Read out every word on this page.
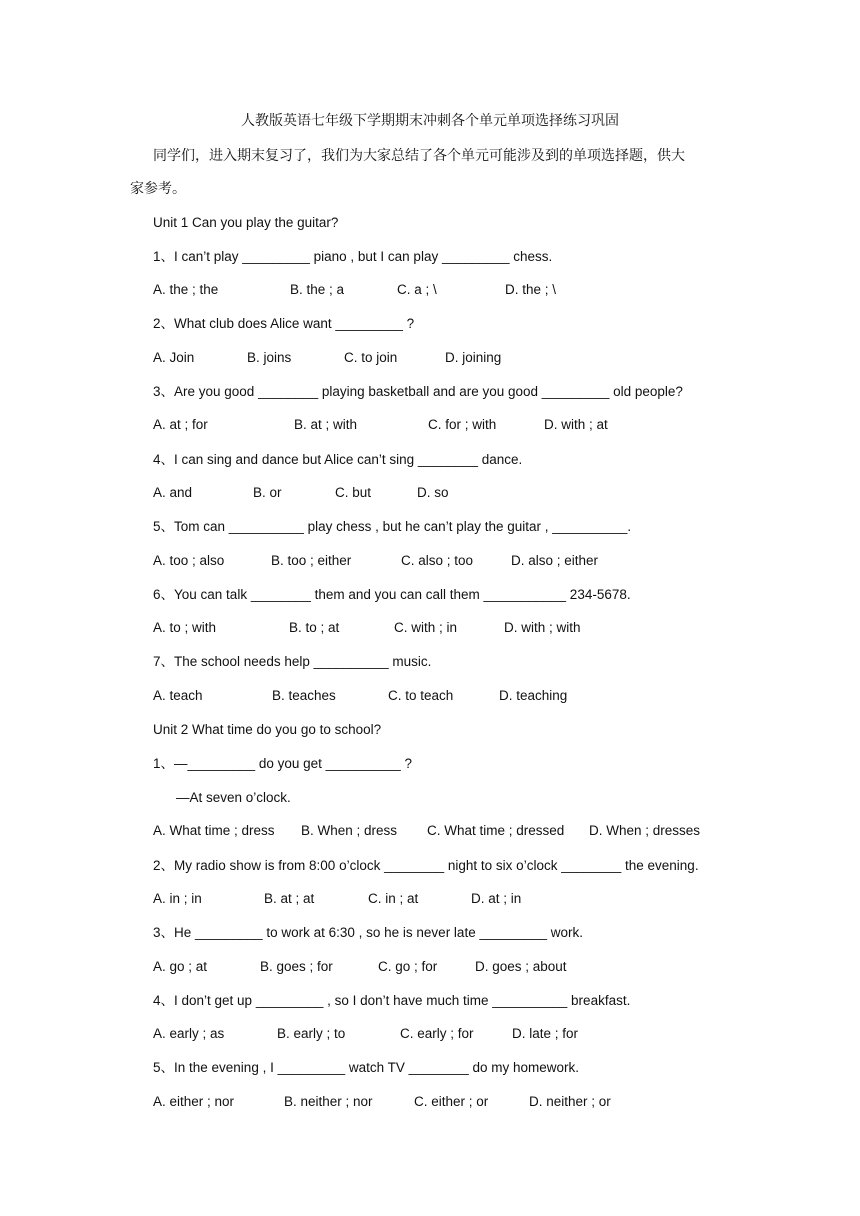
人教版英语七年级下学期期末冲刺各个单元单项选择练习巩固
同学们，进入期末复习了，我们为大家总结了各个单元可能涉及到的单项选择题，供大
家参考。
Unit 1 Can you play the guitar?
1、I can’t play _________ piano , but I can play _________ chess.
A. the ; the	B. the ; a	C. a ; \	D. the ; \
2、What club does Alice want _________ ?
A. Join	B. joins	C. to join	D. joining
3、Are you good ________ playing basketball and are you good _________ old people?
A. at ; for	B. at ; with	C. for ; with	D. with ; at
4、I can sing and dance but Alice can’t sing ________ dance.
A. and	B. or	C. but	D. so
5、Tom can __________ play chess , but he can’t play the guitar , __________.
A. too ; also	B. too ; either	C. also ; too	D. also ; either
6、You can talk ________ them and you can call them ___________ 234-5678.
A. to ; with	B. to ; at	C. with ; in	D. with ; with
7、The school needs help __________ music.
A. teach	B. teaches	C. to teach	D. teaching
Unit 2 What time do you go to school?
1、—_________ do you get __________ ?
—At seven o’clock.
A. What time ; dress B. When ; dress C. What time ; dressed D. When ; dresses
2、My radio show is from 8:00 o’clock ________ night to six o’clock ________ the evening.
A. in ; in	B. at ; at	C. in ; at	D. at ; in
3、He _________ to work at 6:30 , so he is never late _________ work.
A. go ; at	B. goes ; for	C. go ; for	D. goes ; about
4、I don’t get up _________ , so I don’t have much time __________ breakfast.
A. early ; as	B. early ; to	C. early ; for	D. late ; for
5、In the evening , I _________ watch TV ________ do my homework.
A. either ; nor	B. neither ; nor	C. either ; or	D. neither ; or
